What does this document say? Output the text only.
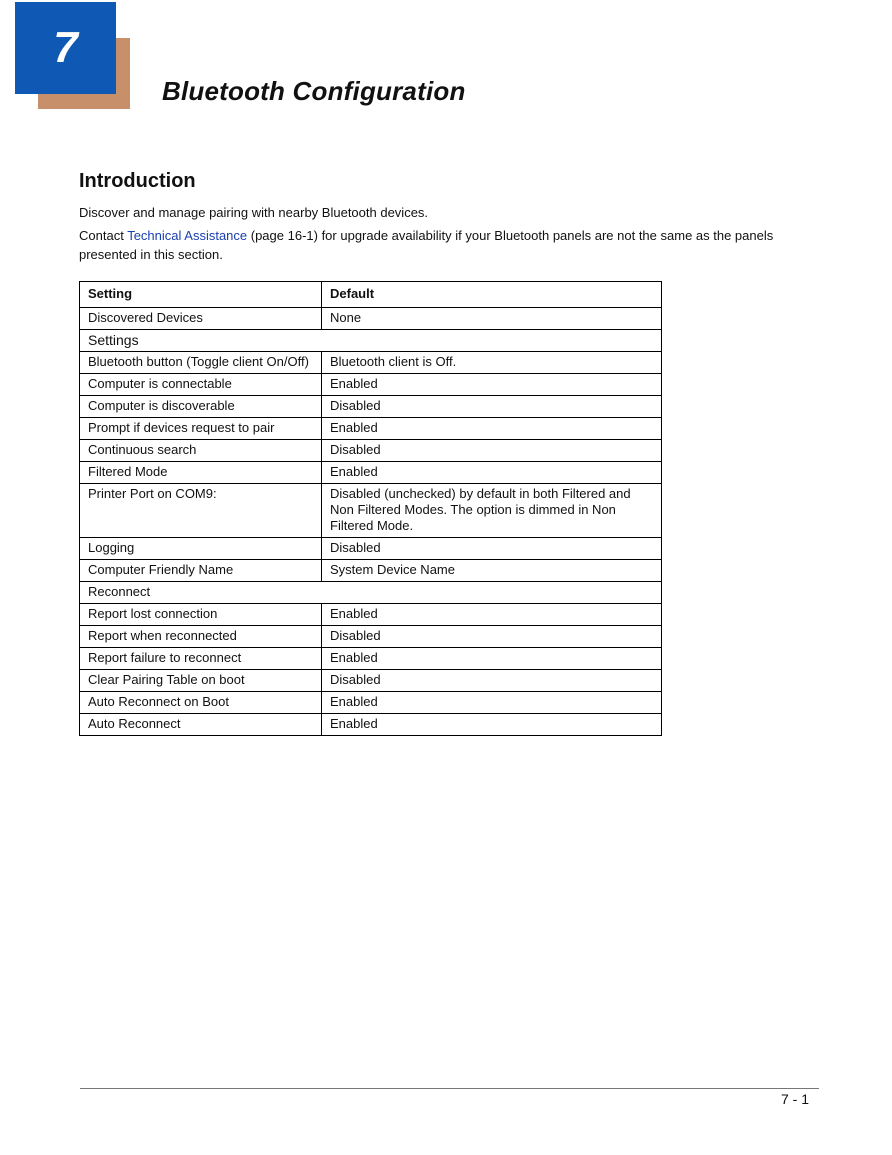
7
Bluetooth Configuration
Introduction

Discover and manage pairing with nearby Bluetooth devices.

Contact Technical Assistance (page 16-1) for upgrade availability if your Bluetooth panels are not the same as the panels presented in this section.

Setting	Default
Discovered Devices	None
Settings	
Bluetooth button (Toggle client On/Off)	Bluetooth client is Off.
Computer is connectable	Enabled
Computer is discoverable	Disabled
Prompt if devices request to pair	Enabled
Continuous search	Disabled
Filtered Mode	Enabled
Printer Port on COM9:	Disabled (unchecked) by default in both Filtered and Non Filtered Modes. The option is dimmed in Non Filtered Mode.
Logging	Disabled
Computer Friendly Name	System Device Name
Reconnect	
Report lost connection	Enabled
Report when reconnected	Disabled
Report failure to reconnect	Enabled
Clear Pairing Table on boot	Disabled
Auto Reconnect on Boot	Enabled
Auto Reconnect	Enabled
7 - 1
